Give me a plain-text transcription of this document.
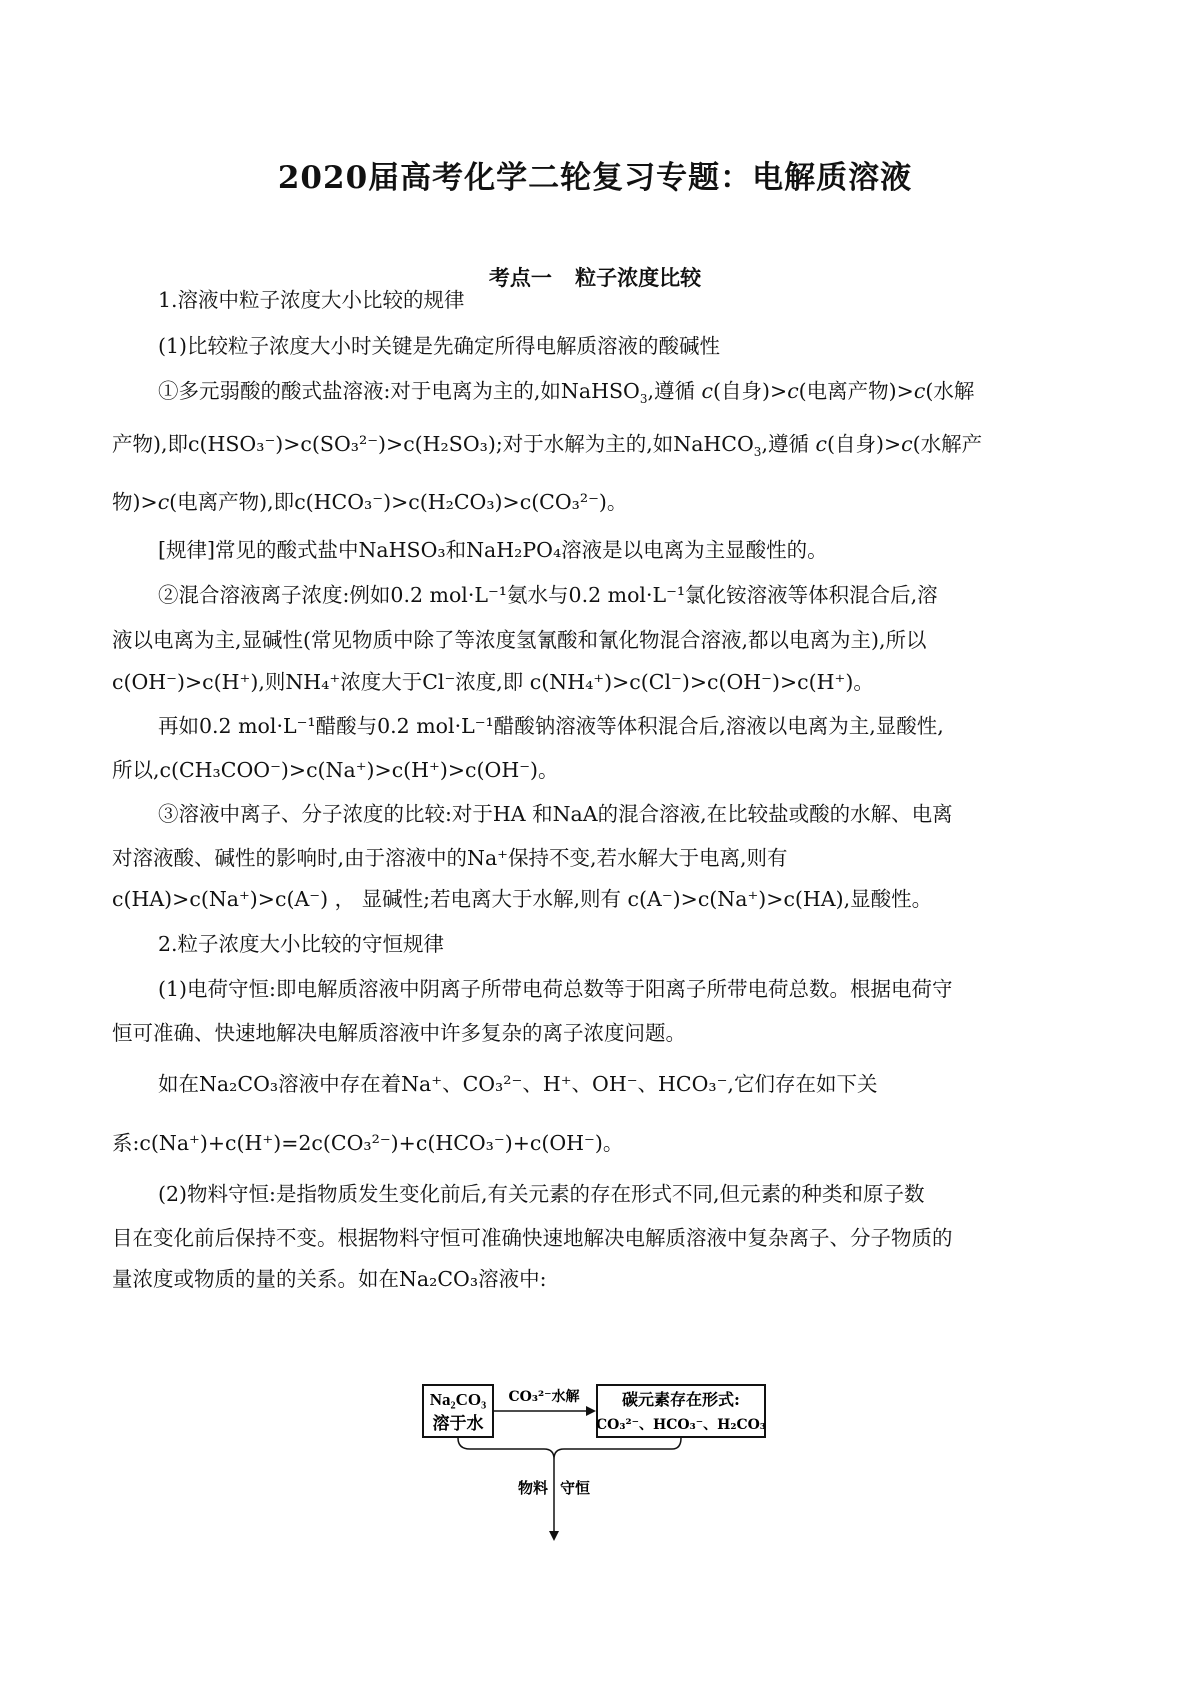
2020届高考化学二轮复习专题：电解质溶液
考点一 粒子浓度比较
1.溶液中粒子浓度大小比较的规律
(1)比较粒子浓度大小时关键是先确定所得电解质溶液的酸碱性
①多元弱酸的酸式盐溶液:对于电离为主的,如NaHSO$_3$,遵循 c(自身)>c(电离产物)>c(水解
产物),即c(HSO₃⁻)>c(SO₃²⁻)>c(H₂SO₃);对于水解为主的,如NaHCO$_3$,遵循 c(自身)>c(水解产
物)>c(电离产物),即c(HCO₃⁻)>c(H₂CO₃)>c(CO₃²⁻)。
[规律]常见的酸式盐中NaHSO₃和NaH₂PO₄溶液是以电离为主显酸性的。
②混合溶液离子浓度:例如0.2 mol·L⁻¹氨水与0.2 mol·L⁻¹氯化铵溶液等体积混合后,溶
液以电离为主,显碱性(常见物质中除了等浓度氢氰酸和氰化物混合溶液,都以电离为主),所以
c(OH⁻)>c(H⁺),则NH₄⁺浓度大于Cl⁻浓度,即 c(NH₄⁺)>c(Cl⁻)>c(OH⁻)>c(H⁺)。
再如0.2 mol·L⁻¹醋酸与0.2 mol·L⁻¹醋酸钠溶液等体积混合后,溶液以电离为主,显酸性,
所以,c(CH₃COO⁻)>c(Na⁺)>c(H⁺)>c(OH⁻)。
③溶液中离子、分子浓度的比较:对于HA 和NaA的混合溶液,在比较盐或酸的水解、电离
对溶液酸、碱性的影响时,由于溶液中的Na⁺保持不变,若水解大于电离,则有
c(HA)>c(Na⁺)>c(A⁻) ， 显碱性;若电离大于水解,则有 c(A⁻)>c(Na⁺)>c(HA),显酸性。
2.粒子浓度大小比较的守恒规律
(1)电荷守恒:即电解质溶液中阴离子所带电荷总数等于阳离子所带电荷总数。根据电荷守
恒可准确、快速地解决电解质溶液中许多复杂的离子浓度问题。
如在Na₂CO₃溶液中存在着Na⁺、CO₃²⁻、H⁺、OH⁻、HCO₃⁻,它们存在如下关
系:c(Na⁺)+c(H⁺)=2c(CO₃²⁻)+c(HCO₃⁻)+c(OH⁻)。
(2)物料守恒:是指物质发生变化前后,有关元素的存在形式不同,但元素的种类和原子数
目在变化前后保持不变。根据物料守恒可准确快速地解决电解质溶液中复杂离子、分子物质的
量浓度或物质的量的关系。如在Na₂CO₃溶液中:
Na₂CO₃
溶于水
CO₃²⁻水解	碳元素存在形式:
CO₃²⁻、HCO₃⁻、H₂CO₃
物料 守恒
